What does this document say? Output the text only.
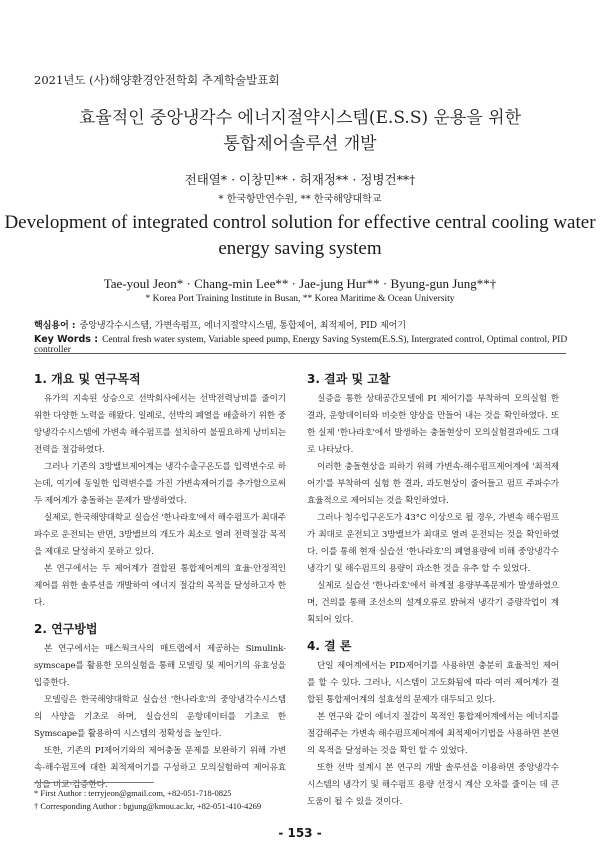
2021년도 (사)해양환경안전학회 추계학술발표회
효율적인 중앙냉각수 에너지절약시스템(E.S.S) 운용을 위한
통합제어솔루션 개발
전태열* · 이창민** · 허재정** · 정병건**†
* 한국항만연수원, ** 한국해양대학교
Development of integrated control solution for effective central cooling water
energy saving system
Tae-youl Jeon* · Chang-min Lee** · Jae-jung Hur** · Byung-gun Jung**†
* Korea Port Training Institute in Busan, ** Korea Maritime & Ocean University
핵심용어 : 중앙냉각수시스템, 가변속펌프, 에너지절약시스템, 통합제어, 최적제어, PID 제어기
Key Words : Central fresh water system, Variable speed pump, Energy Saving System(E.S.S), Intergrated control, Optimal control, PID controller
1. 개요 및 연구목적

유가의 지속된 상승으로 선박회사에서는 선박전력낭비를 줄이기 위한 다양한 노력을 해왔다. 일례로, 선박의 폐열을 배출하기 위한 중앙냉각수시스템에 가변속 해수펌프를 설치하여 불필요하게 낭비되는 전력을 절감하였다.

그러나 기존의 3방밸브제어계는 냉각수출구온도를 입력변수로 하는데, 여기에 동일한 입력변수를 가진 가변속제어기를 추가함으로써 두 제어계가 충돌하는 문제가 발생하였다.

실제로, 한국해양대학교 실습선 '한나라호'에서 해수펌프가 최대주파수로 운전되는 반면, 3방밸브의 개도가 최소로 열려 전력절감 목적을 제대로 달성하지 못하고 있다.

본 연구에서는 두 제어계가 결합된 통합제어계의 효율·안정적인 제어를 위한 솔루션을 개발하여 에너지 절감의 목적을 달성하고자 한다.

2. 연구방법

본 연구에서는 매스웍크사의 매트랩에서 제공하는 Simulink-symscape를 활용한 모의실험을 통해 모델링 및 제어기의 유효성을 입증한다.

모델링은 한국해양대학교 실습선 '한나라호'의 중앙냉각수시스템의 사양을 기초로 하며, 실습선의 운항데이터를 기초로 한 Symscape를 활용하여 시스템의 정확성을 높인다.

또한, 기존의 PI제어기와의 제어충돌 문제를 보완하기 위해 가변속-해수펌프에 대한 최적제어기를 구성하고 모의실험하여 제어유효성을 비교·검증한다.

3. 결과 및 고찰

실증을 통한 상태공간모델에 PI 제어기를 부착하여 모의실험 한 결과, 운항데이터와 비슷한 양상을 만들어 내는 것을 확인하였다. 또한 실제 '한나라호'에서 발생하는 충돌현상이 모의실험결과에도 그대로 나타났다.

이러한 충돌현상을 피하기 위해 가변속-해수펌프제어계에 '최적제어기'를 부착하여 실험 한 결과, 과도현상이 줄어들고 펌프 주파수가 효율적으로 제어되는 것을 확인하였다.

그러나 청수입구온도가 43°C 이상으로 될 경우, 가변속 해수펌프가 최대로 운전되고 3방밸브가 최대로 열려 운전되는 것을 확인하였다. 이를 통해 현재 실습선 '한나라호'의 폐열용량에 비해 중앙냉각수냉각기 및 해수펌프의 용량이 과소한 것을 유추 할 수 있었다.

실제로 실습선 '한나라호'에서 하계절 용량부족문제가 발생하였으며, 건의를 통해 조선소의 설계오류로 밝혀져 냉각기 증량작업이 계획되어 있다.

4. 결 론

단일 제어계에서는 PID제어기를 사용하면 충분히 효율적인 제어를 할 수 있다. 그러나, 시스템이 고도화됨에 따라 여러 제어계가 결합된 통합제어계의 설효성의 문제가 대두되고 있다.

본 연구와 같이 에너지 절감이 목적인 통합제어계에서는 에너지를 절감해주는 가변속 해수펌프제어계에 최적제어기법을 사용하면 본연의 목적을 달성하는 것을 확인 할 수 있었다.

또한 선박 설계시 본 연구의 개발 솔루션을 이용하면 중앙냉각수시스템의 냉각기 및 해수펌프 용량 선정시 계산 오차를 줄이는 데 큰 도움이 될 수 있을 것이다.

* First Author : terryjeon@gmail.com, +82-051-718-0825
† Corresponding Author : bgjung@kmou.ac.kr, +82-051-410-4269
- 153 -
